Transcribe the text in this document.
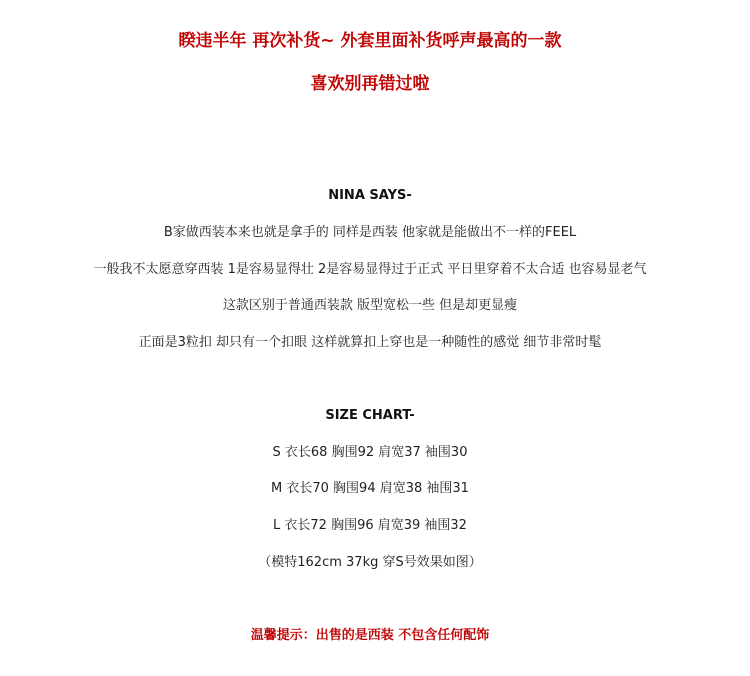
睽违半年 再次补货~ 外套里面补货呼声最高的一款
喜欢别再错过啦
NINA SAYS-
B家做西装本来也就是拿手的 同样是西装 他家就是能做出不一样的FEEL
一般我不太愿意穿西装 1是容易显得壮 2是容易显得过于正式 平日里穿着不太合适 也容易显老气
这款区别于普通西装款 版型宽松一些 但是却更显瘦
正面是3粒扣 却只有一个扣眼 这样就算扣上穿也是一种随性的感觉 细节非常时髦
SIZE CHART-
S 衣长68 胸围92 肩宽37 袖围30
M 衣长70 胸围94 肩宽38 袖围31
L 衣长72 胸围96 肩宽39 袖围32
（模特162cm 37kg 穿S号效果如图）
温馨提示：出售的是西装 不包含任何配饰
